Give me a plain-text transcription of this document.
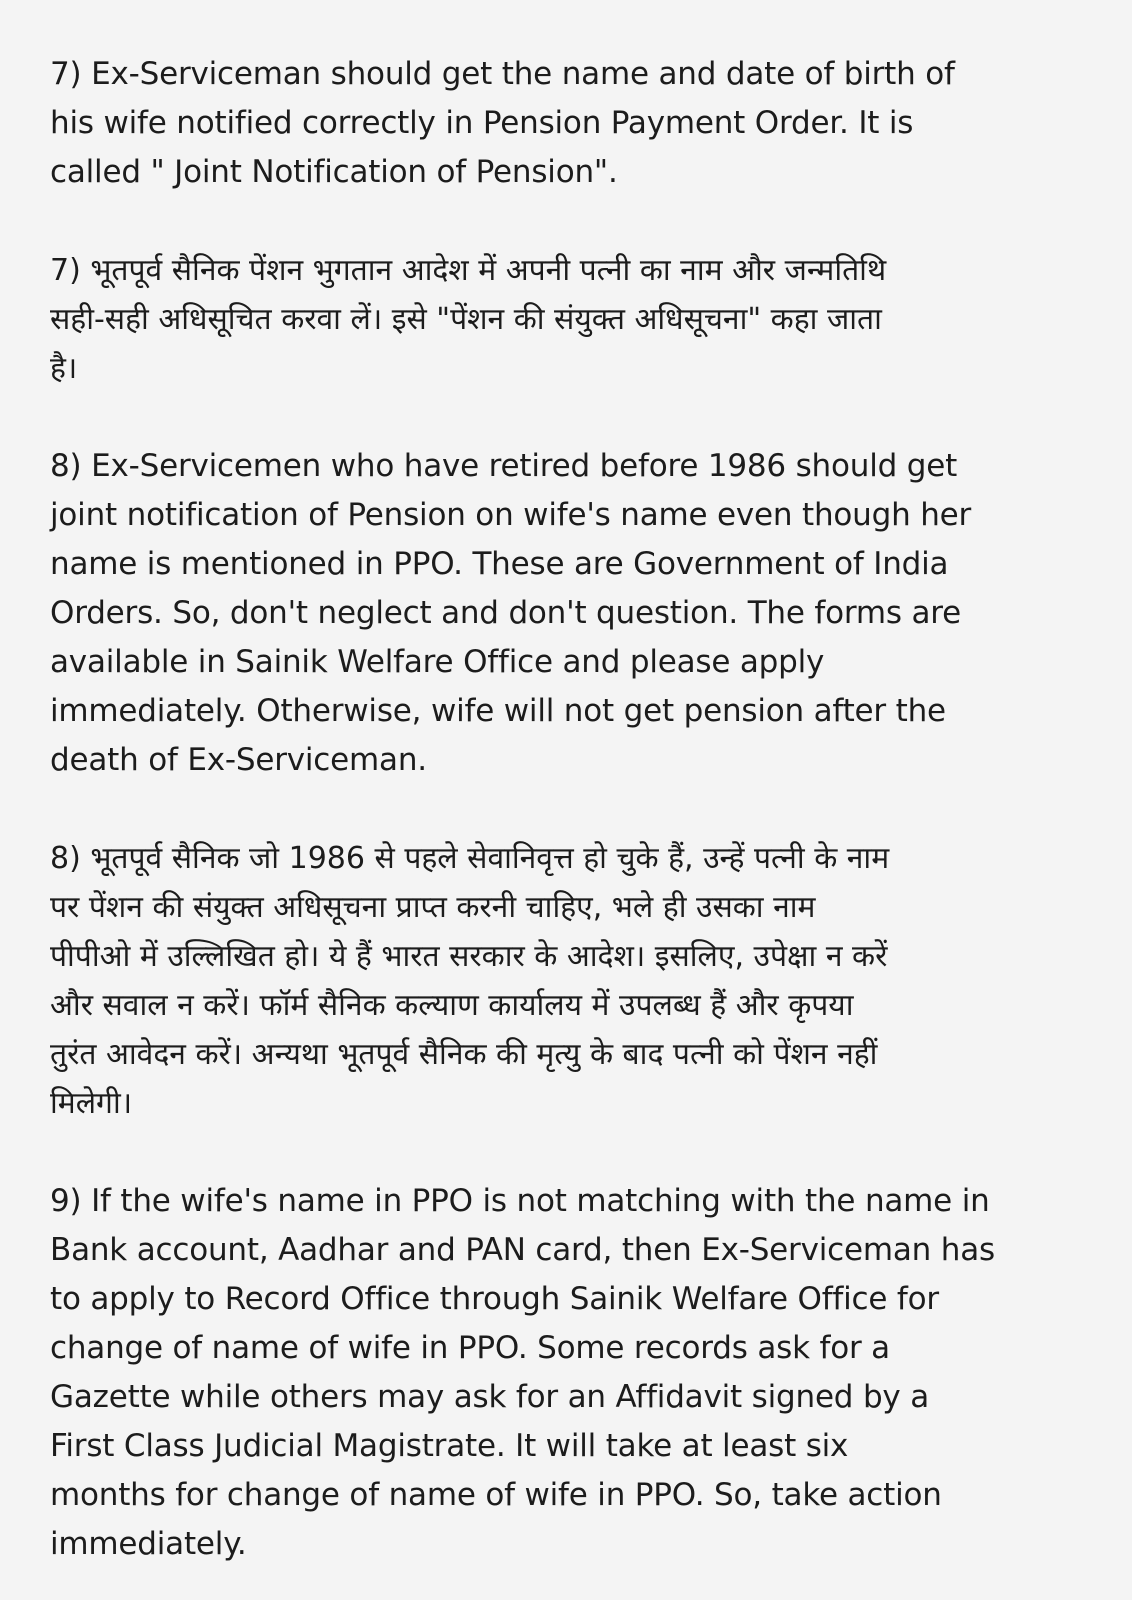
7) Ex-Serviceman should get the name and date of birth of
his wife notified correctly in Pension Payment Order. It is
called " Joint Notification of Pension".

7) भूतपूर्व सैनिक पेंशन भुगतान आदेश में अपनी पत्नी का नाम और जन्मतिथि
सही-सही अधिसूचित करवा लें। इसे "पेंशन की संयुक्त अधिसूचना" कहा जाता
है।

8) Ex-Servicemen who have retired before 1986 should get
joint notification of Pension on wife's name even though her
name is mentioned in PPO. These are Government of India
Orders. So, don't neglect and don't question. The forms are
available in Sainik Welfare Office and please apply
immediately. Otherwise, wife will not get pension after the
death of Ex-Serviceman.

8) भूतपूर्व सैनिक जो 1986 से पहले सेवानिवृत्त हो चुके हैं, उन्हें पत्नी के नाम
पर पेंशन की संयुक्त अधिसूचना प्राप्त करनी चाहिए, भले ही उसका नाम
पीपीओ में उल्लिखित हो। ये हैं भारत सरकार के आदेश। इसलिए, उपेक्षा न करें
और सवाल न करें। फॉर्म सैनिक कल्याण कार्यालय में उपलब्ध हैं और कृपया
तुरंत आवेदन करें। अन्यथा भूतपूर्व सैनिक की मृत्यु के बाद पत्नी को पेंशन नहीं
मिलेगी।

9) If the wife's name in PPO is not matching with the name in
Bank account, Aadhar and PAN card, then Ex-Serviceman has
to apply to Record Office through Sainik Welfare Office for
change of name of wife in PPO. Some records ask for a
Gazette while others may ask for an Affidavit signed by a
First Class Judicial Magistrate. It will take at least six
months for change of name of wife in PPO. So, take action
immediately.
